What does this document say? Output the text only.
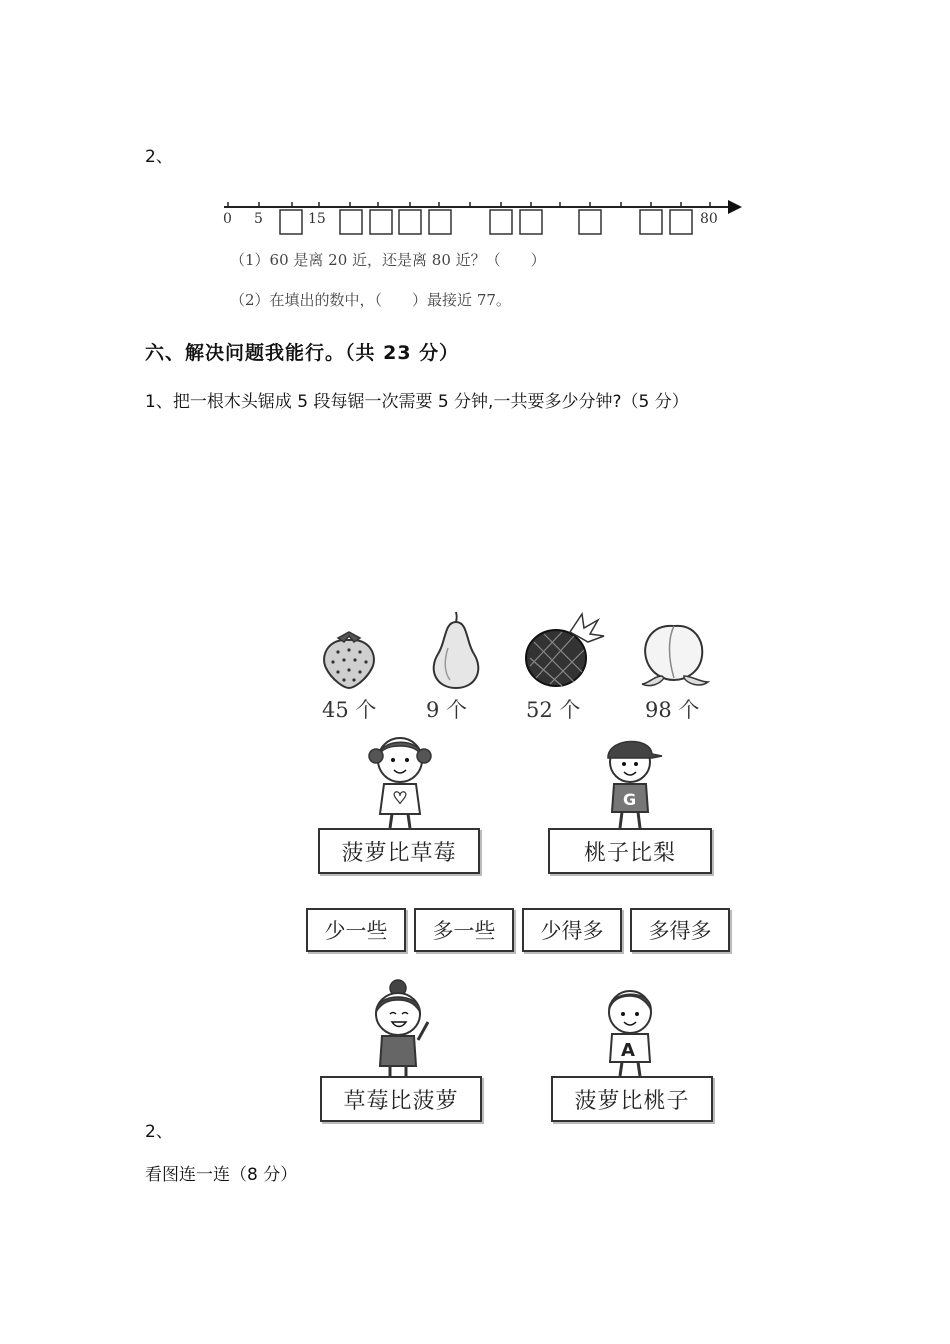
2、
0 5	15	80
（1）60 是离 20 近，还是离 80 近？（　　）
（2）在填出的数中，（　　）最接近 77。
六、解决问题我能行。（共 23 分）
1、把一根木头锯成 5 段每锯一次需要 5 分钟,一共要多少分钟?（5 分）
45 个 9 个	52 个	98 个
G
菠萝比草莓	桃子比梨
少一些	多一些	少得多	多得多
A
草莓比菠萝	菠萝比桃子
2、
看图连一连（8 分）
